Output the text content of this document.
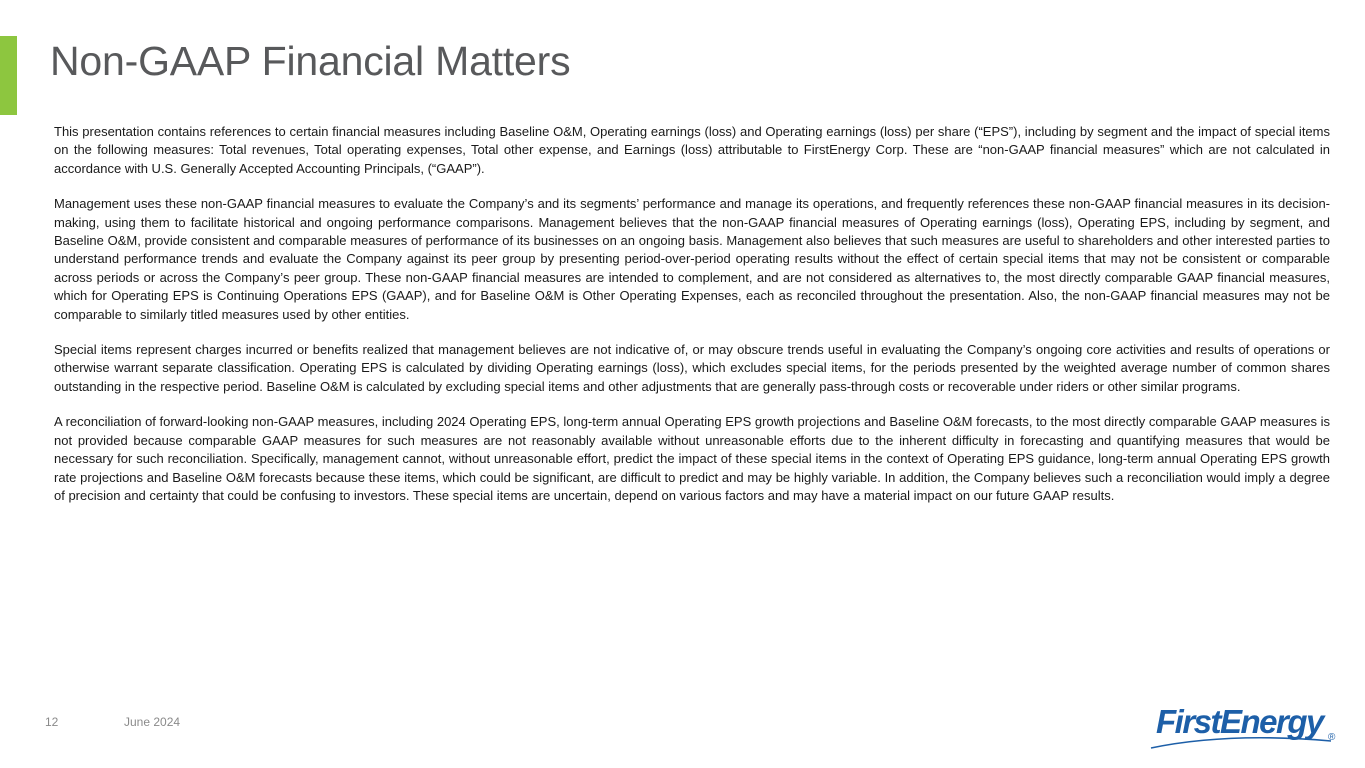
Non-GAAP Financial Matters

This presentation contains references to certain financial measures including Baseline O&M, Operating earnings (loss) and Operating earnings (loss) per share (“EPS”), including by segment and the impact of special items on the following measures: Total revenues, Total operating expenses, Total other expense, and Earnings (loss) attributable to FirstEnergy Corp. These are “non-GAAP financial measures” which are not calculated in accordance with U.S. Generally Accepted Accounting Principals, (“GAAP”).

Management uses these non-GAAP financial measures to evaluate the Company’s and its segments’ performance and manage its operations, and frequently references these non-GAAP financial measures in its decision-making, using them to facilitate historical and ongoing performance comparisons. Management believes that the non-GAAP financial measures of Operating earnings (loss), Operating EPS, including by segment, and Baseline O&M, provide consistent and comparable measures of performance of its businesses on an ongoing basis. Management also believes that such measures are useful to shareholders and other interested parties to understand performance trends and evaluate the Company against its peer group by presenting period-over-period operating results without the effect of certain special items that may not be consistent or comparable across periods or across the Company’s peer group. These non-GAAP financial measures are intended to complement, and are not considered as alternatives to, the most directly comparable GAAP financial measures, which for Operating EPS is Continuing Operations EPS (GAAP), and for Baseline O&M is Other Operating Expenses, each as reconciled throughout the presentation. Also, the non-GAAP financial measures may not be comparable to similarly titled measures used by other entities.

Special items represent charges incurred or benefits realized that management believes are not indicative of, or may obscure trends useful in evaluating the Company’s ongoing core activities and results of operations or otherwise warrant separate classification. Operating EPS is calculated by dividing Operating earnings (loss), which excludes special items, for the periods presented by the weighted average number of common shares outstanding in the respective period. Baseline O&M is calculated by excluding special items and other adjustments that are generally pass-through costs or recoverable under riders or other similar programs.

A reconciliation of forward-looking non-GAAP measures, including 2024 Operating EPS, long-term annual Operating EPS growth projections and Baseline O&M forecasts, to the most directly comparable GAAP measures is not provided because comparable GAAP measures for such measures are not reasonably available without unreasonable efforts due to the inherent difficulty in forecasting and quantifying measures that would be necessary for such reconciliation. Specifically, management cannot, without unreasonable effort, predict the impact of these special items in the context of Operating EPS guidance, long-term annual Operating EPS growth rate projections and Baseline O&M forecasts because these items, which could be significant, are difficult to predict and may be highly variable. In addition, the Company believes such a reconciliation would imply a degree of precision and certainty that could be confusing to investors. These special items are uncertain, depend on various factors and may have a material impact on our future GAAP results.

12	June 2024	FirstEnergy ®
